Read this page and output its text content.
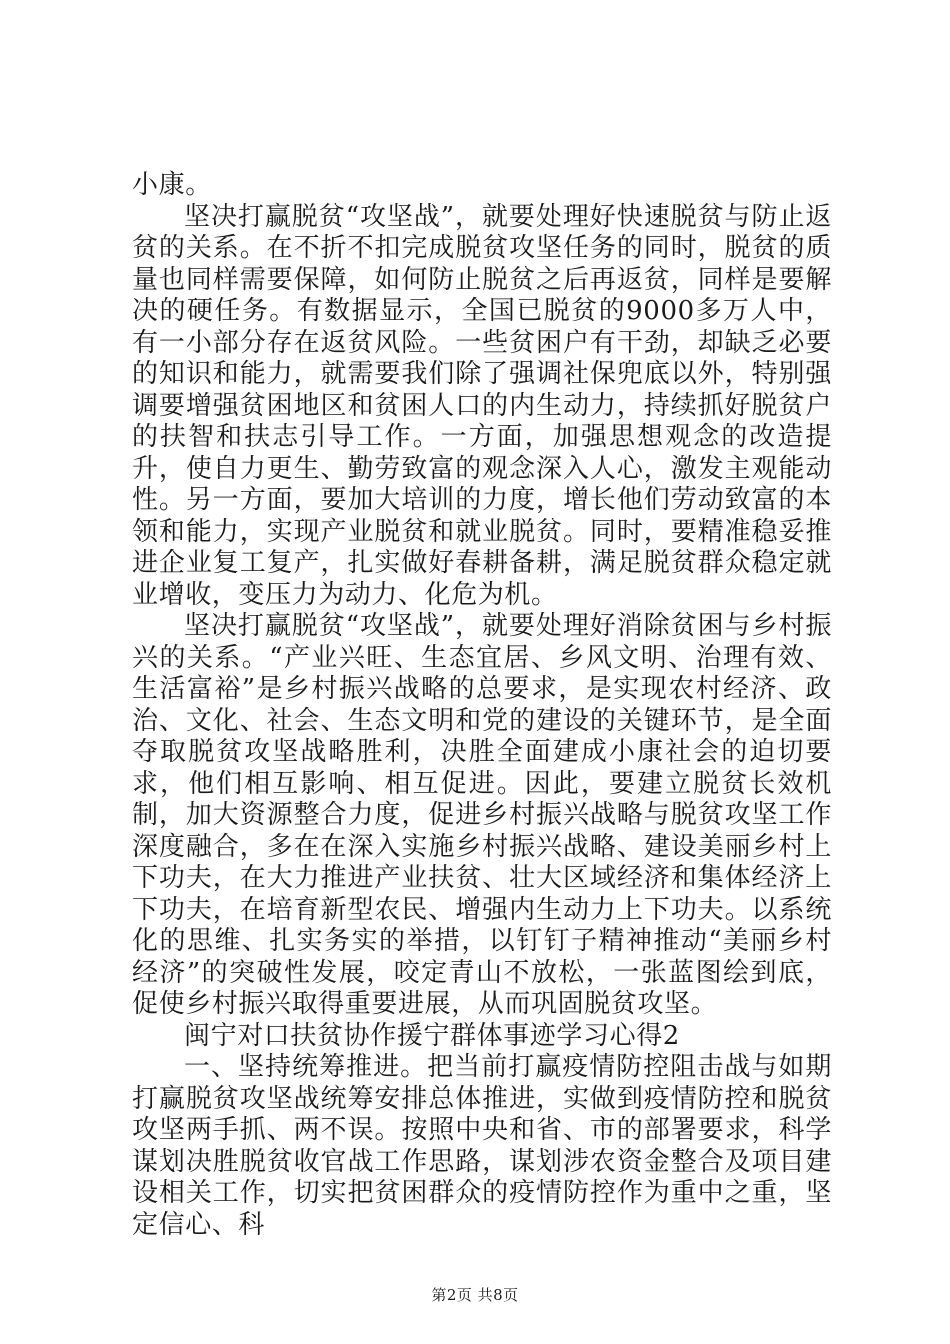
小康。

坚决打赢脱贫“攻坚战”，就要处理好快速脱贫与防止返贫的关系。在不折不扣完成脱贫攻坚任务的同时，脱贫的质量也同样需要保障，如何防止脱贫之后再返贫，同样是要解决的硬任务。有数据显示，全国已脱贫的9000多万人中，有一小部分存在返贫风险。一些贫困户有干劲，却缺乏必要的知识和能力，就需要我们除了强调社保兜底以外，特别强调要增强贫困地区和贫困人口的内生动力，持续抓好脱贫户的扶智和扶志引导工作。一方面，加强思想观念的改造提升，使自力更生、勤劳致富的观念深入人心，激发主观能动性。另一方面，要加大培训的力度，增长他们劳动致富的本领和能力，实现产业脱贫和就业脱贫。同时，要精准稳妥推进企业复工复产，扎实做好春耕备耕，满足脱贫群众稳定就业增收，变压力为动力、化危为机。

坚决打赢脱贫“攻坚战”，就要处理好消除贫困与乡村振兴的关系。“产业兴旺、生态宜居、乡风文明、治理有效、生活富裕”是乡村振兴战略的总要求，是实现农村经济、政治、文化、社会、生态文明和党的建设的关键环节，是全面夺取脱贫攻坚战略胜利，决胜全面建成小康社会的迫切要求，他们相互影响、相互促进。因此，要建立脱贫长效机制，加大资源整合力度，促进乡村振兴战略与脱贫攻坚工作深度融合，多在在深入实施乡村振兴战略、建设美丽乡村上下功夫，在大力推进产业扶贫、壮大区域经济和集体经济上下功夫，在培育新型农民、增强内生动力上下功夫。以系统化的思维、扎实务实的举措，以钉钉子精神推动“美丽乡村经济”的突破性发展，咬定青山不放松，一张蓝图绘到底，促使乡村振兴取得重要进展，从而巩固脱贫攻坚。

闽宁对口扶贫协作援宁群体事迹学习心得2

一、坚持统筹推进。把当前打赢疫情防控阻击战与如期打赢脱贫攻坚战统筹安排总体推进，实做到疫情防控和脱贫攻坚两手抓、两不误。按照中央和省、市的部署要求，科学谋划决胜脱贫收官战工作思路，谋划涉农资金整合及项目建设相关工作，切实把贫困群众的疫情防控作为重中之重，坚定信心、科

第2页 共8页
